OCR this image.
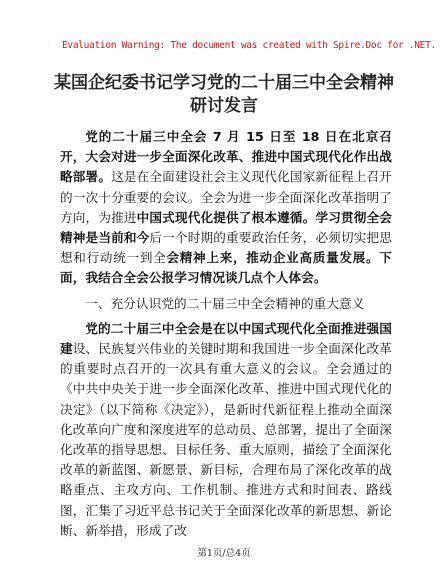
Evaluation Warning: The document was created with Spire.Doc for .NET.
某国企纪委书记学习党的二十届三中全会精神
研讨发言

党的二十届三中全会 7 月 15 日至 18 日在北京召开，大会对进一步全面深化改革、推进中国式现代化作出战略部署。这是在全面建设社会主义现代化国家新征程上召开的一次十分重要的会议。全会为进一步全面深化改革指明了方向，为推进中国式现代化提供了根本遵循。学习贯彻全会精神是当前和今后一个时期的重要政治任务，必须切实把思想和行动统一到全会精神上来，推动企业高质量发展。下面，我结合全会公报学习情况谈几点个人体会。

一、充分认识党的二十届三中全会精神的重大意义

党的二十届三中全会是在以中国式现代化全面推进强国建设、民族复兴伟业的关键时期和我国进一步全面深化改革的重要时点召开的一次具有重大意义的会议。全会通过的《中共中央关于进一步全面深化改革、推进中国式现代化的决定》（以下简称《决定》），是新时代新征程上推动全面深化改革向广度和深度进军的总动员、总部署，提出了全面深化改革的指导思想、目标任务、重大原则，描绘了全面深化改革的新蓝图、新愿景、新目标，合理布局了深化改革的战略重点、主攻方向、工作机制、推进方式和时间表、路线图，汇集了习近平总书记关于全面深化改革的新思想、新论断、新举措，形成了改

第1页/总4页
